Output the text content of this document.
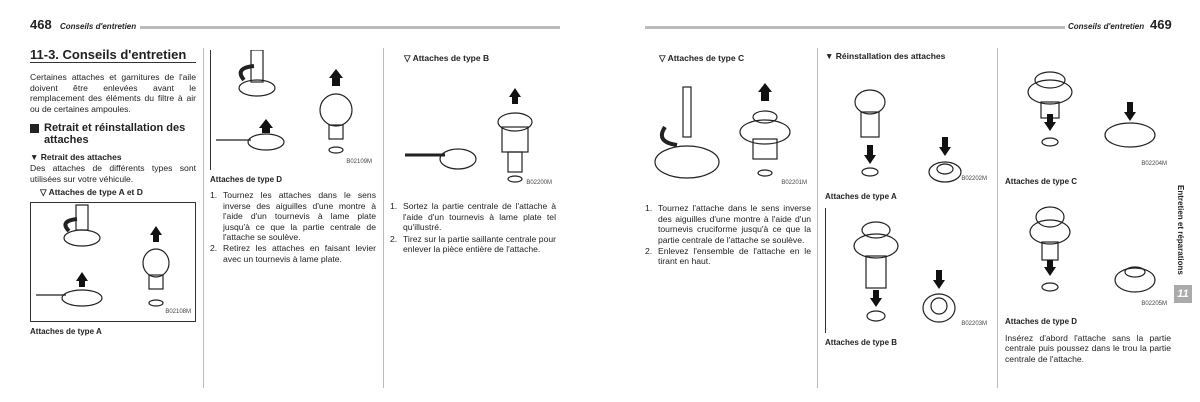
468 Conseils d'entretien	Conseils d'entretien 469
11-3. Conseils d'entretien

Certaines attaches et garnitures de l'aile doivent être enlevées avant le remplacement des éléments du filtre à air ou de certaines ampoules.

Retrait et réinstallation des attaches
▼ Retrait des attaches

Des attaches de différents types sont utilisées sur votre véhicule.

▽ Attaches de type A et D
B02108M
Attaches de type A
B02109M
Attaches de type D
1. Tournez les attaches dans le sens inverse des aiguilles d'une montre à l'aide d'un tournevis à lame plate jusqu'à ce que la partie centrale de l'attache se soulève.
2. Retirez les attaches en faisant levier avec un tournevis à lame plate.
▽ Attaches de type B
B02200M
1. Sortez la partie centrale de l'attache à l'aide d'un tournevis à lame plate tel qu'illustré.
2. Tirez sur la partie saillante centrale pour enlever la pièce entière de l'attache.
▽ Attaches de type C
B02201M
1. Tournez l'attache dans le sens inverse des aiguilles d'une montre à l'aide d'un tournevis cruciforme jusqu'à ce que la partie centrale de l'attache se soulève.
2. Enlevez l'ensemble de l'attache en le tirant en haut.
▼ Réinstallation des attaches
B02202M
Attaches de type A
B02203M
Attaches de type B
B02204M
Attaches de type C
B02205M
Attaches de type D

Insérez d'abord l'attache sans la partie centrale puis poussez dans le trou la partie centrale de l'attache.

Entretien et réparations
11
